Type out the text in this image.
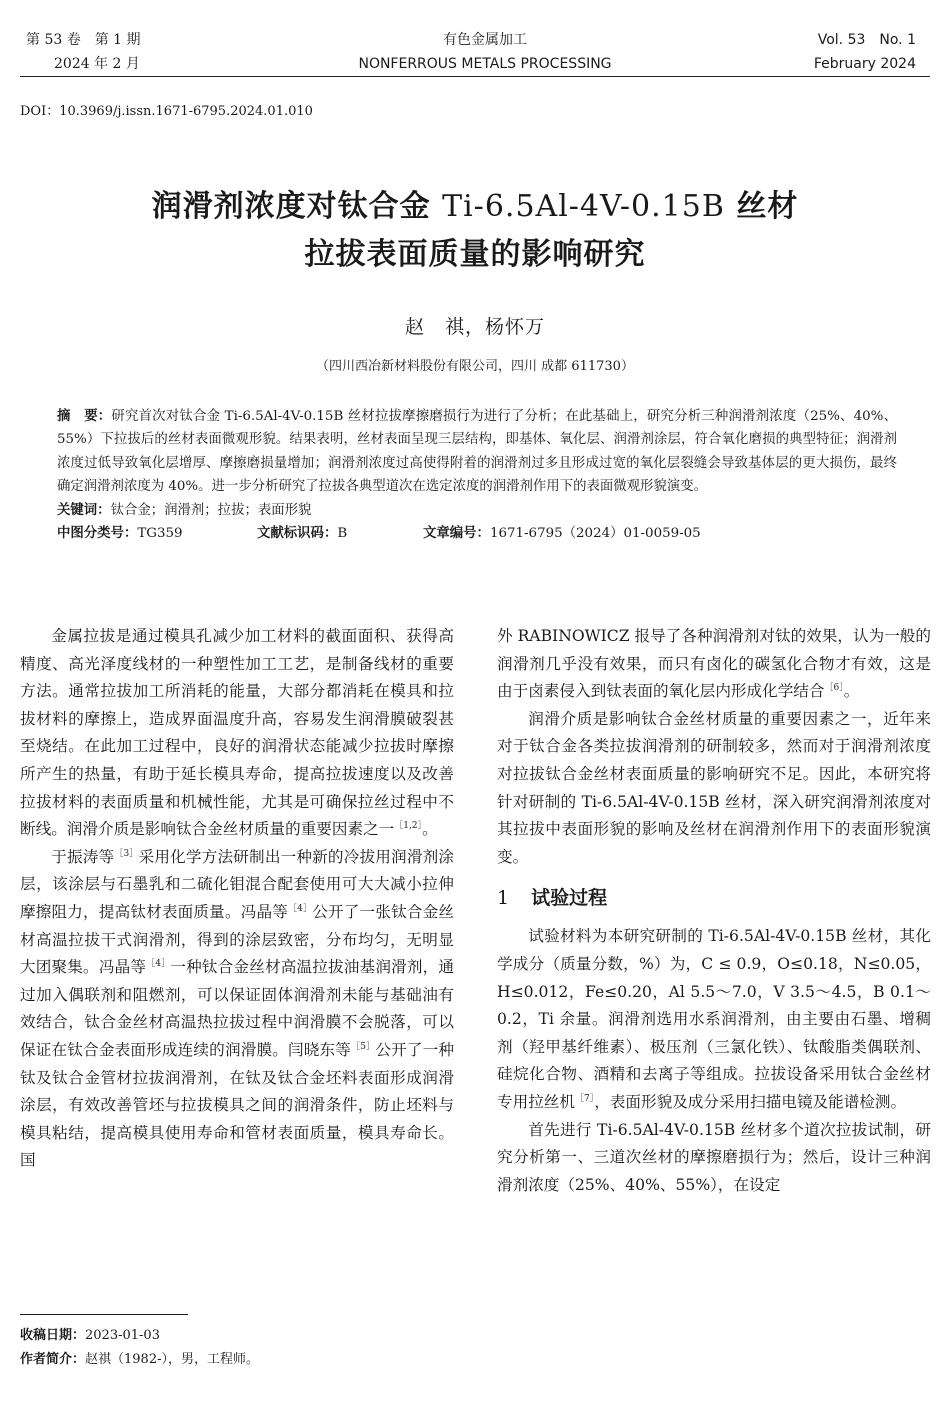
第 53 卷　第 1 期
2024 年 2 月
有色金属加工
NONFERROUS METALS PROCESSING
Vol. 53　No. 1
February 2024
DOI：10.3969/j.issn.1671-6795.2024.01.010
润滑剂浓度对钛合金 Ti-6.5Al-4V-0.15B 丝材
拉拔表面质量的影响研究
赵　祺，杨怀万
（四川西冶新材料股份有限公司，四川 成都 611730）
摘　要：研究首次对钛合金 Ti-6.5Al-4V-0.15B 丝材拉拔摩擦磨损行为进行了分析；在此基础上，研究分析三种润滑剂浓度（25%、40%、55%）下拉拔后的丝材表面微观形貌。结果表明，丝材表面呈现三层结构，即基体、氧化层、润滑剂涂层，符合氧化磨损的典型特征；润滑剂浓度过低导致氧化层增厚、摩擦磨损量增加；润滑剂浓度过高使得附着的润滑剂过多且形成过宽的氧化层裂缝会导致基体层的更大损伤，最终确定润滑剂浓度为 40%。进一步分析研究了拉拔各典型道次在选定浓度的润滑剂作用下的表面微观形貌演变。
关键词：钛合金；润滑剂；拉拔；表面形貌
中图分类号：TG359	文献标识码：B	文章编号：1671-6795（2024）01-0059-05

金属拉拔是通过模具孔减少加工材料的截面面积、获得高精度、高光泽度线材的一种塑性加工工艺，是制备线材的重要方法。通常拉拔加工所消耗的能量，大部分都消耗在模具和拉拔材料的摩擦上，造成界面温度升高，容易发生润滑膜破裂甚至烧结。在此加工过程中，良好的润滑状态能减少拉拔时摩擦所产生的热量，有助于延长模具寿命，提高拉拔速度以及改善拉拔材料的表面质量和机械性能，尤其是可确保拉丝过程中不断线。润滑介质是影响钛合金丝材质量的重要因素之一$^{[1,2]}$。

于振涛等$^{[3]}$采用化学方法研制出一种新的冷拔用润滑剂涂层，该涂层与石墨乳和二硫化钼混合配套使用可大大减小拉伸摩擦阻力，提高钛材表面质量。冯晶等$^{[4]}$公开了一张钛合金丝材高温拉拔干式润滑剂，得到的涂层致密，分布均匀，无明显大团聚集。冯晶等$^{[4]}$一种钛合金丝材高温拉拔油基润滑剂，通过加入偶联剂和阻燃剂，可以保证固体润滑剂未能与基础油有效结合，钛合金丝材高温热拉拔过程中润滑膜不会脱落，可以保证在钛合金表面形成连续的润滑膜。闫晓东等$^{[5]}$公开了一种钛及钛合金管材拉拔润滑剂，在钛及钛合金坯料表面形成润滑涂层，有效改善管坯与拉拔模具之间的润滑条件，防止坯料与模具粘结，提高模具使用寿命和管材表面质量，模具寿命长。国

外 RABINOWICZ 报导了各种润滑剂对钛的效果，认为一般的润滑剂几乎没有效果，而只有卤化的碳氢化合物才有效，这是由于卤素侵入到钛表面的氧化层内形成化学结合$^{[6]}$。

润滑介质是影响钛合金丝材质量的重要因素之一，近年来对于钛合金各类拉拔润滑剂的研制较多，然而对于润滑剂浓度对拉拔钛合金丝材表面质量的影响研究不足。因此，本研究将针对研制的 Ti-6.5Al-4V-0.15B 丝材，深入研究润滑剂浓度对其拉拔中表面形貌的影响及丝材在润滑剂作用下的表面形貌演变。

1 试验过程

试验材料为本研究研制的 Ti-6.5Al-4V-0.15B 丝材，其化学成分（质量分数，%）为，C ≤ 0.9，O≤0.18，N≤0.05，H≤0.012，Fe≤0.20，Al 5.5～7.0，V 3.5～4.5，B 0.1～0.2，Ti 余量。润滑剂选用水系润滑剂，由主要由石墨、增稠剂（羟甲基纤维素）、极压剂（三氯化铁）、钛酸脂类偶联剂、硅烷化合物、酒精和去离子等组成。拉拔设备采用钛合金丝材专用拉丝机$^{[7]}$，表面形貌及成分采用扫描电镜及能谱检测。

首先进行 Ti-6.5Al-4V-0.15B 丝材多个道次拉拔试制，研究分析第一、三道次丝材的摩擦磨损行为；然后，设计三种润滑剂浓度（25%、40%、55%），在设定

收稿日期：2023-01-03
作者简介：赵祺（1982-），男，工程师。
